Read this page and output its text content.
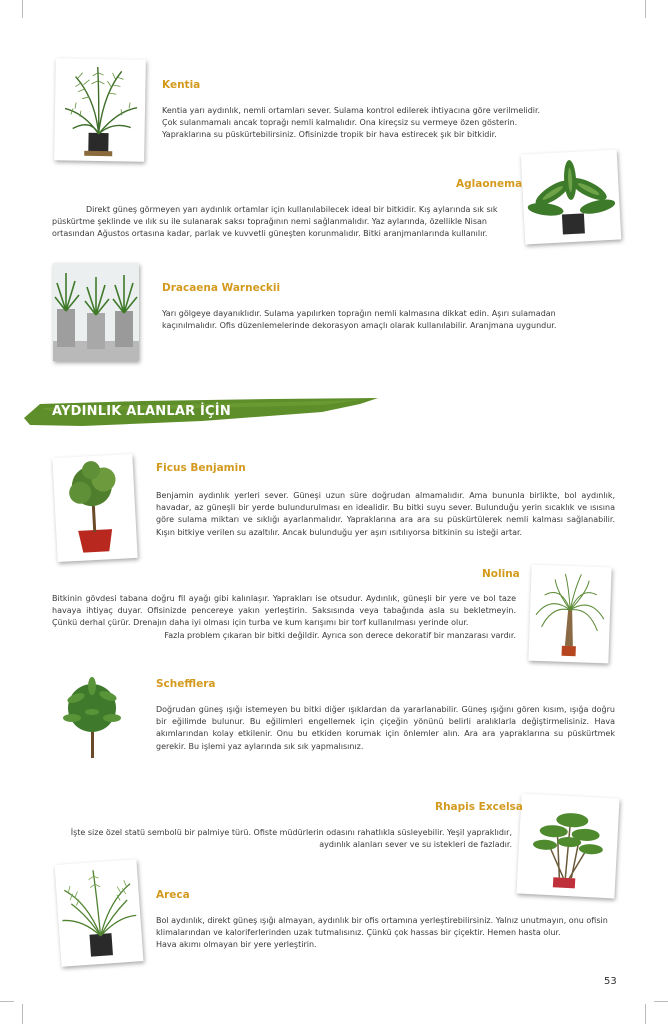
Kentia
Kentia yarı aydınlık, nemli ortamları sever. Sulama kontrol edilerek ihtiyacına göre verilmelidir.
Çok sulanmamalı ancak toprağı nemli kalmalıdır. Ona kireçsiz su vermeye özen gösterin.
Yapraklarına su püskürtebilirsiniz. Ofisinizde tropik bir hava estirecek şık bir bitkidir.
Aglaonema
Direkt güneş görmeyen yarı aydınlık ortamlar için kullanılabilecek ideal bir bitkidir. Kış aylarında sık sık
püskürtme şeklinde ve ılık su ile sulanarak saksı toprağının nemi sağlanmalıdır. Yaz aylarında, özellikle Nisan
ortasından Ağustos ortasına kadar, parlak ve kuvvetli güneşten korunmalıdır. Bitki aranjmanlarında kullanılır.
Dracaena Warneckii
Yarı gölgeye dayanıklıdır. Sulama yapılırken toprağın nemli kalmasına dikkat edin. Aşırı sulamadan
kaçınılmalıdır. Ofis düzenlemelerinde dekorasyon amaçlı olarak kullanılabilir. Aranjmana uygundur.
AYDINLIK ALANLAR İÇİN
Ficus Benjamin
Benjamin aydınlık yerleri sever. Güneşi uzun süre doğrudan almamalıdır. Ama bununla birlikte, bol aydınlık, havadar, az güneşli bir yerde bulundurulması en idealidir. Bu bitki suyu sever. Bulunduğu yerin sıcaklık ve ısısına göre sulama miktarı ve sıklığı ayarlanmalıdır. Yapraklarına ara ara su püskürtülerek nemli kalması sağlanabilir. Kışın bitkiye verilen su azaltılır. Ancak bulunduğu yer aşırı ısıtılıyorsa bitkinin su isteği artar.
Nolina
Bitkinin gövdesi tabana doğru fil ayağı gibi kalınlaşır. Yaprakları ise otsudur. Aydınlık, güneşli bir yere ve bol taze havaya ihtiyaç duyar. Ofisinizde pencereye yakın yerleştirin. Saksısında veya tabağında asla su bekletmeyin. Çünkü derhal çürür. Drenajın daha iyi olması için turba ve kum karışımı bir torf kullanılması yerinde olur.
Fazla problem çıkaran bir bitki değildir. Ayrıca son derece dekoratif bir manzarası vardır.
Schefflera
Doğrudan güneş ışığı istemeyen bu bitki diğer ışıklardan da yararlanabilir. Güneş ışığını gören kısım, ışığa doğru bir eğilimde bulunur. Bu eğilimleri engellemek için çiçeğin yönünü belirli aralıklarla değiştirmelisiniz. Hava akımlarından kolay etkilenir. Onu bu etkiden korumak için önlemler alın. Ara ara yapraklarına su püskürtmek gerekir. Bu işlemi yaz aylarında sık sık yapmalısınız.
Rhapis Excelsa
İşte size özel statü sembolü bir palmiye türü. Ofiste müdürlerin odasını rahatlıkla süsleyebilir. Yeşil yapraklıdır,
aydınlık alanları sever ve su istekleri de fazladır.
Areca
Bol aydınlık, direkt güneş ışığı almayan, aydınlık bir ofis ortamına yerleştirebilirsiniz. Yalnız unutmayın, onu ofisin
klimalarından ve kaloriferlerinden uzak tutmalısınız. Çünkü çok hassas bir çiçektir. Hemen hasta olur.
Hava akımı olmayan bir yere yerleştirin.
53
